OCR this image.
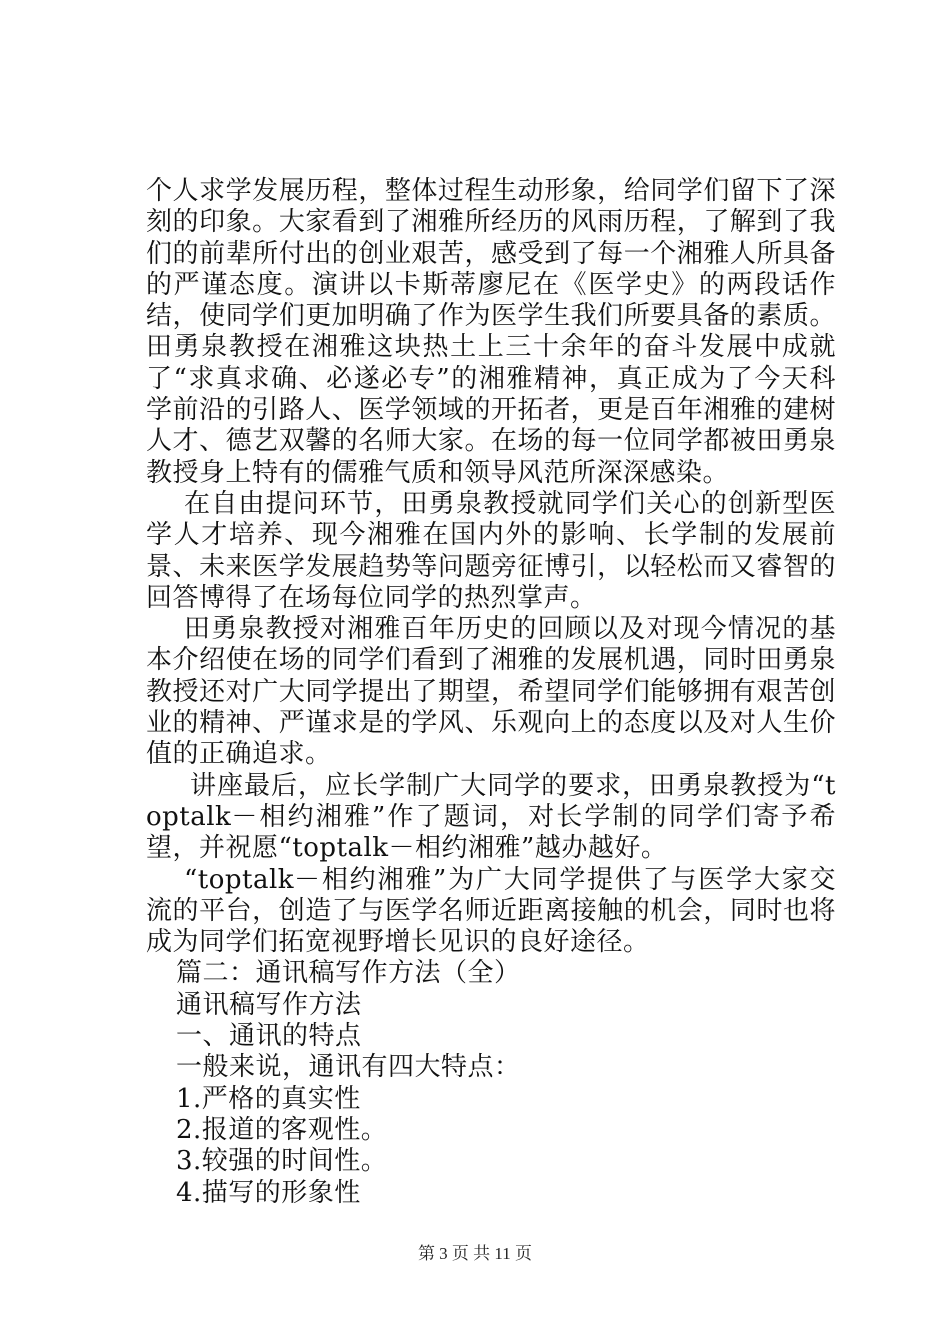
个人求学发展历程，整体过程生动形象，给同学们留下了深刻的印象。大家看到了湘雅所经历的风雨历程，了解到了我们的前辈所付出的创业艰苦，感受到了每一个湘雅人所具备的严谨态度。演讲以卡斯蒂廖尼在《医学史》的两段话作结，使同学们更加明确了作为医学生我们所要具备的素质。田勇泉教授在湘雅这块热土上三十余年的奋斗发展中成就了“求真求确、必遂必专”的湘雅精神，真正成为了今天科学前沿的引路人、医学领域的开拓者，更是百年湘雅的建树人才、德艺双馨的名师大家。在场的每一位同学都被田勇泉教授身上特有的儒雅气质和领导风范所深深感染。

在自由提问环节，田勇泉教授就同学们关心的创新型医学人才培养、现今湘雅在国内外的影响、长学制的发展前景、未来医学发展趋势等问题旁征博引，以轻松而又睿智的回答博得了在场每位同学的热烈掌声。

田勇泉教授对湘雅百年历史的回顾以及对现今情况的基本介绍使在场的同学们看到了湘雅的发展机遇，同时田勇泉教授还对广大同学提出了期望，希望同学们能够拥有艰苦创业的精神、严谨求是的学风、乐观向上的态度以及对人生价值的正确追求。

讲座最后，应长学制广大同学的要求，田勇泉教授为“toptalk－相约湘雅”作了题词，对长学制的同学们寄予希望，并祝愿“toptalk－相约湘雅”越办越好。

“toptalk－相约湘雅”为广大同学提供了与医学大家交流的平台，创造了与医学名师近距离接触的机会，同时也将成为同学们拓宽视野增长见识的良好途径。

篇二：通讯稿写作方法（全）

通讯稿写作方法

一、通讯的特点

一般来说，通讯有四大特点：

1.严格的真实性

2.报道的客观性。

3.较强的时间性。

4.描写的形象性

第 3 页 共 11 页
